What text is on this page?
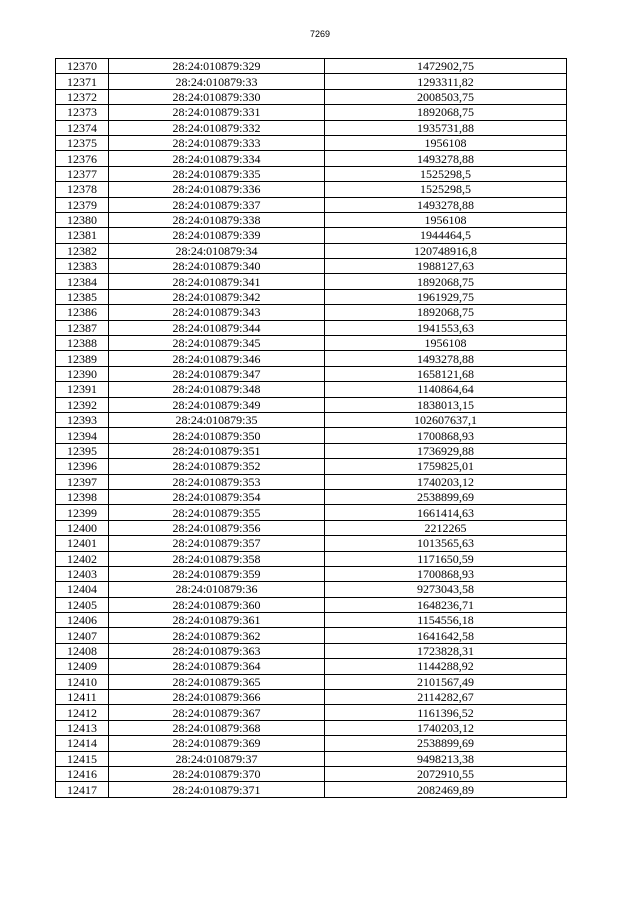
7269
12370	28:24:010879:329	1472902,75
12371	28:24:010879:33	1293311,82
12372	28:24:010879:330	2008503,75
12373	28:24:010879:331	1892068,75
12374	28:24:010879:332	1935731,88
12375	28:24:010879:333	1956108
12376	28:24:010879:334	1493278,88
12377	28:24:010879:335	1525298,5
12378	28:24:010879:336	1525298,5
12379	28:24:010879:337	1493278,88
12380	28:24:010879:338	1956108
12381	28:24:010879:339	1944464,5
12382	28:24:010879:34	120748916,8
12383	28:24:010879:340	1988127,63
12384	28:24:010879:341	1892068,75
12385	28:24:010879:342	1961929,75
12386	28:24:010879:343	1892068,75
12387	28:24:010879:344	1941553,63
12388	28:24:010879:345	1956108
12389	28:24:010879:346	1493278,88
12390	28:24:010879:347	1658121,68
12391	28:24:010879:348	1140864,64
12392	28:24:010879:349	1838013,15
12393	28:24:010879:35	102607637,1
12394	28:24:010879:350	1700868,93
12395	28:24:010879:351	1736929,88
12396	28:24:010879:352	1759825,01
12397	28:24:010879:353	1740203,12
12398	28:24:010879:354	2538899,69
12399	28:24:010879:355	1661414,63
12400	28:24:010879:356	2212265
12401	28:24:010879:357	1013565,63
12402	28:24:010879:358	1171650,59
12403	28:24:010879:359	1700868,93
12404	28:24:010879:36	9273043,58
12405	28:24:010879:360	1648236,71
12406	28:24:010879:361	1154556,18
12407	28:24:010879:362	1641642,58
12408	28:24:010879:363	1723828,31
12409	28:24:010879:364	1144288,92
12410	28:24:010879:365	2101567,49
12411	28:24:010879:366	2114282,67
12412	28:24:010879:367	1161396,52
12413	28:24:010879:368	1740203,12
12414	28:24:010879:369	2538899,69
12415	28:24:010879:37	9498213,38
12416	28:24:010879:370	2072910,55
12417	28:24:010879:371	2082469,89
